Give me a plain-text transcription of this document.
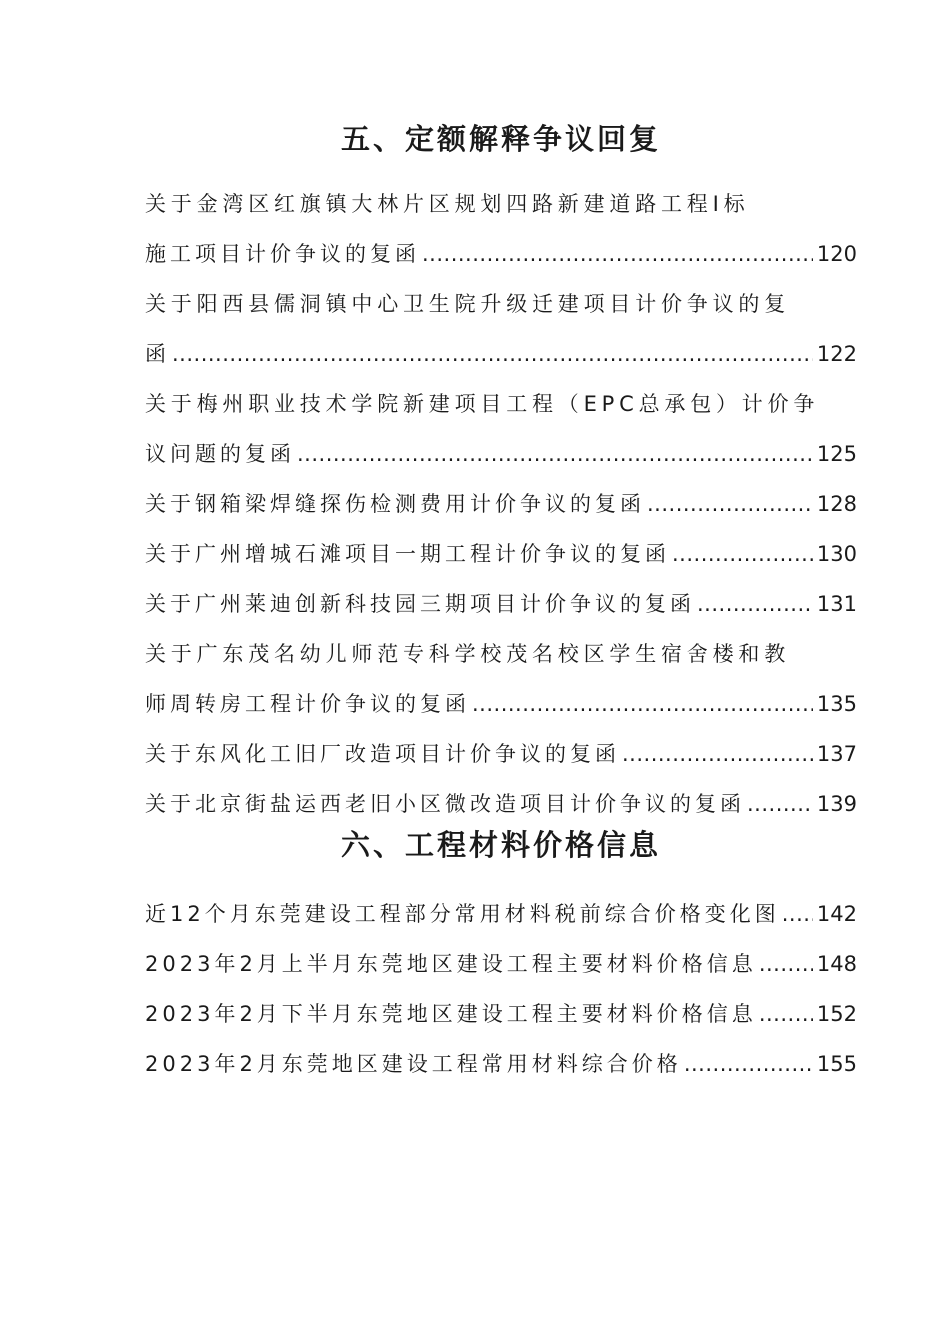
五、定额解释争议回复
关于金湾区红旗镇大林片区规划四路新建道路工程Ⅰ标
施工项目计价争议的复函 .....	120
关于阳西县儒洞镇中心卫生院升级迁建项目计价争议的复
函 .....	122
关于梅州职业技术学院新建项目工程（EPC总承包）计价争
议问题的复函 .....	125
关于钢箱梁焊缝探伤检测费用计价争议的复函 .....	128
关于广州增城石滩项目一期工程计价争议的复函 .....	130
关于广州莱迪创新科技园三期项目计价争议的复函 .....	131
关于广东茂名幼儿师范专科学校茂名校区学生宿舍楼和教
师周转房工程计价争议的复函 .....	135
关于东风化工旧厂改造项目计价争议的复函 .....	137
关于北京街盐运西老旧小区微改造项目计价争议的复函 .....	139
六、工程材料价格信息
近12个月东莞建设工程部分常用材料税前综合价格变化图 ..... 142
2023年2月上半月东莞地区建设工程主要材料价格信息 .....	148
2023年2月下半月东莞地区建设工程主要材料价格信息 .....	152
2023年2月东莞地区建设工程常用材料综合价格 .....	155
